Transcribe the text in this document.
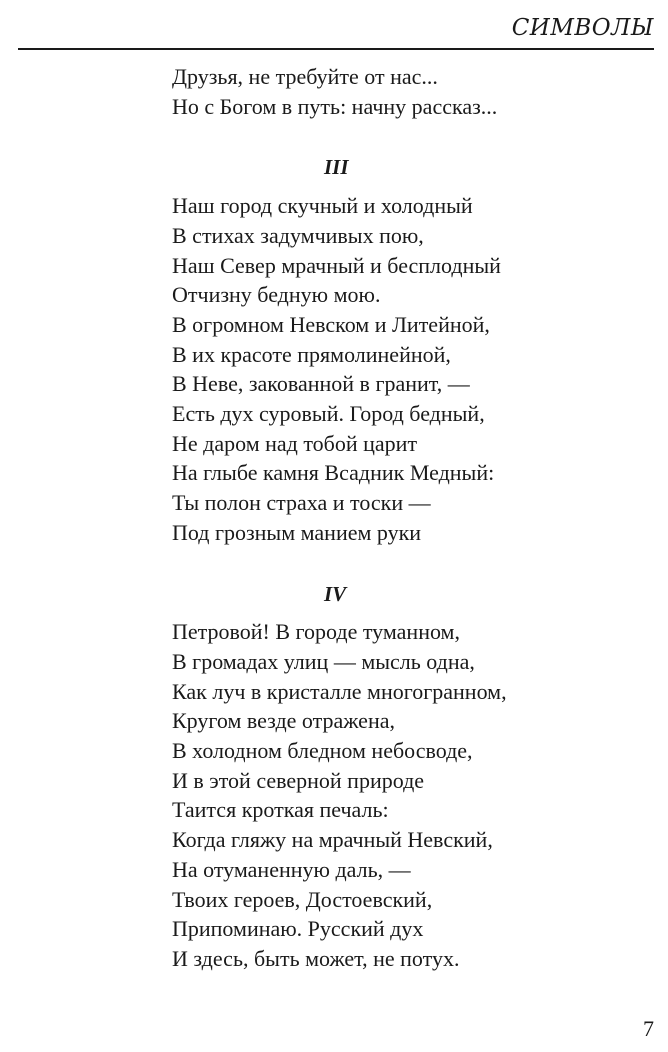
СИМВОЛЫ
Друзья, не требуйте от нас...
Но с Богом в путь: начну рассказ...
III
Наш город скучный и холодный
В стихах задумчивых пою,
Наш Север мрачный и бесплодный
Отчизну бедную мою.
В огромном Невском и Литейной,
В их красоте прямолинейной,
В Неве, закованной в гранит, —
Есть дух суровый. Город бедный,
Не даром над тобой царит
На глыбе камня Всадник Медный:
Ты полон страха и тоски —
Под грозным манием руки
IV
Петровой! В городе туманном,
В громадах улиц — мысль одна,
Как луч в кристалле многогранном,
Кругом везде отражена,
В холодном бледном небосводе,
И в этой северной природе
Таится кроткая печаль:
Когда гляжу на мрачный Невский,
На отуманенную даль, —
Твоих героев, Достоевский,
Припоминаю. Русский дух
И здесь, быть может, не потух.
7
